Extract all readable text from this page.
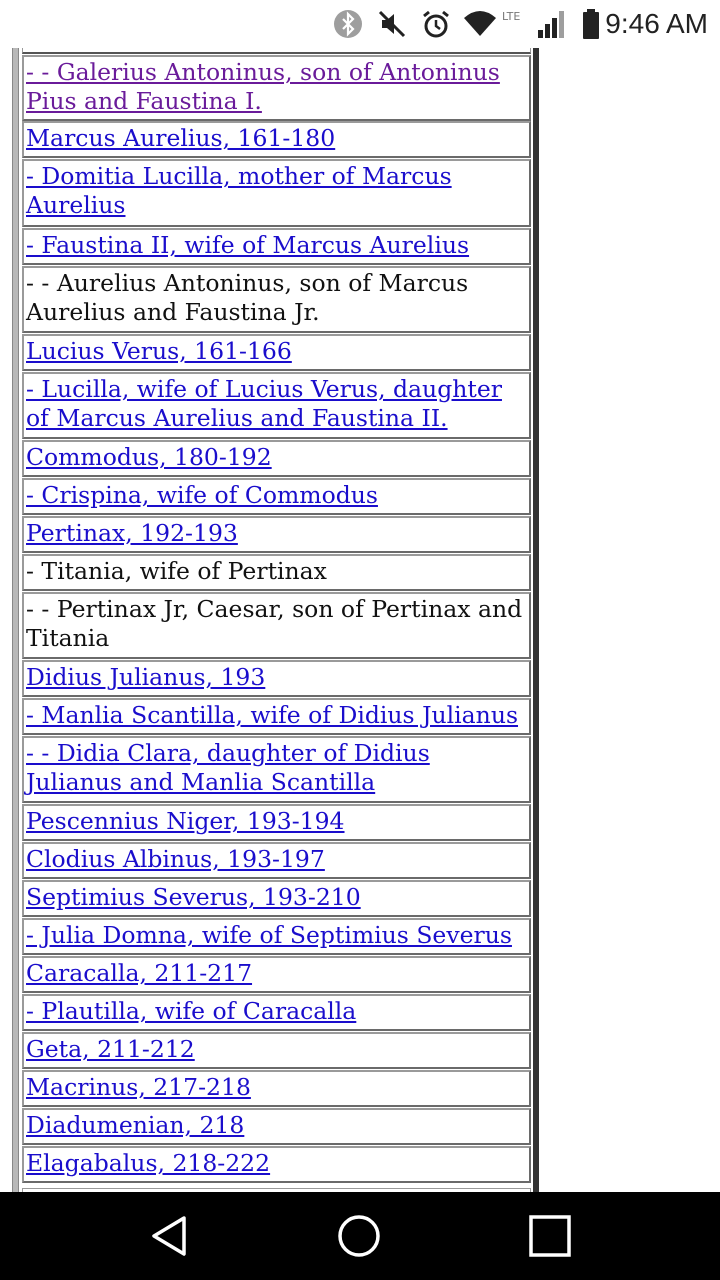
LTE	9:46 AM
- - Galerius Antoninus, son of Antoninus Pius and Faustina I.
Marcus Aurelius, 161-180
- Domitia Lucilla, mother of Marcus Aurelius
- Faustina II, wife of Marcus Aurelius
- - Aurelius Antoninus, son of Marcus Aurelius and Faustina Jr.
Lucius Verus, 161-166
- Lucilla, wife of Lucius Verus, daughter of Marcus Aurelius and Faustina II.
Commodus, 180-192
- Crispina, wife of Commodus
Pertinax, 192-193
- Titania, wife of Pertinax
- - Pertinax Jr, Caesar, son of Pertinax and Titania
Didius Julianus, 193
- Manlia Scantilla, wife of Didius Julianus
- - Didia Clara, daughter of Didius Julianus and Manlia Scantilla
Pescennius Niger, 193-194
Clodius Albinus, 193-197
Septimius Severus, 193-210
- Julia Domna, wife of Septimius Severus
Caracalla, 211-217
- Plautilla, wife of Caracalla
Geta, 211-212
Macrinus, 217-218
Diadumenian, 218
Elagabalus, 218-222
